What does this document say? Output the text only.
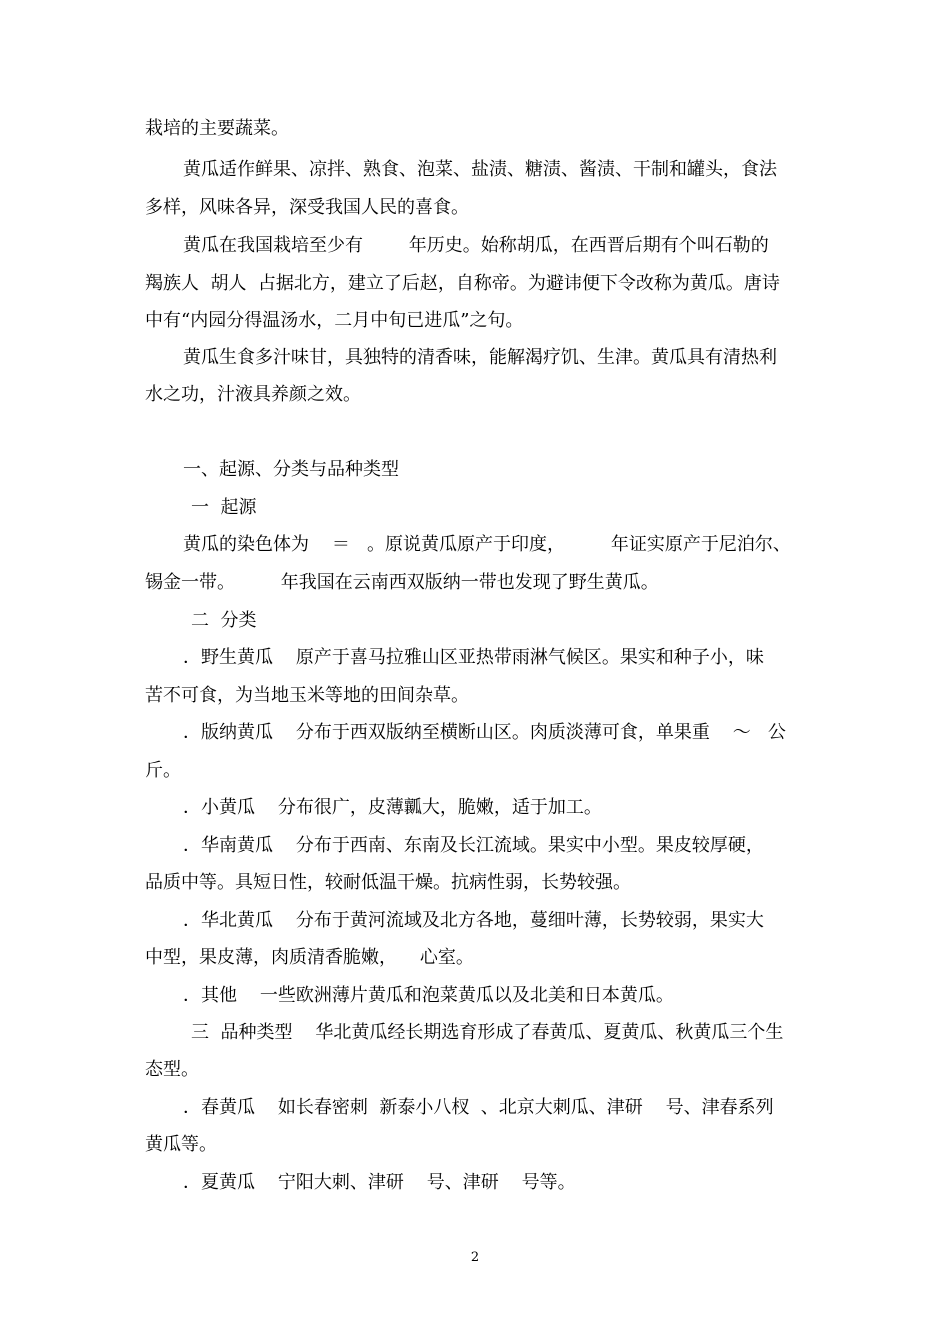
栽培的主要蔬菜。
黄瓜适作鲜果、凉拌、熟食、泡菜、盐渍、糖渍、酱渍、干制和罐头，食法
多样，风味各异，深受我国人民的喜食。
黄瓜在我国栽培至少有        年历史。始称胡瓜，在西晋后期有个叫石勒的
羯族人  胡人  占据北方，建立了后赵，自称帝。为避讳便下令改称为黄瓜。唐诗
中有“内园分得温汤水，二月中旬已进瓜”之句。
黄瓜生食多汁味甘，具独特的清香味，能解渴疗饥、生津。黄瓜具有清热利
水之功，汁液具养颜之效。
一、起源、分类与品种类型
一  起源
黄瓜的染色体为    ＝   。原说黄瓜原产于印度，        年证实原产于尼泊尔、
锡金一带。        年我国在云南西双版纳一带也发现了野生黄瓜。
二  分类
．野生黄瓜    原产于喜马拉雅山区亚热带雨淋气候区。果实和种子小，味
苦不可食，为当地玉米等地的田间杂草。
．版纳黄瓜    分布于西双版纳至横断山区。肉质淡薄可食，单果重    ～   公
斤。
．小黄瓜    分布很广，皮薄瓤大，脆嫩，适于加工。
．华南黄瓜    分布于西南、东南及长江流域。果实中小型。果皮较厚硬，
品质中等。具短日性，较耐低温干燥。抗病性弱，长势较强。
．华北黄瓜    分布于黄河流域及北方各地，蔓细叶薄，长势较弱，果实大
中型，果皮薄，肉质清香脆嫩，    心室。
．其他    一些欧洲薄片黄瓜和泡菜黄瓜以及北美和日本黄瓜。
三  品种类型    华北黄瓜经长期选育形成了春黄瓜、夏黄瓜、秋黄瓜三个生
态型。
．春黄瓜    如长春密刺  新泰小八杈  、北京大刺瓜、津研    号、津春系列
黄瓜等。
．夏黄瓜    宁阳大刺、津研    号、津研    号等。
2
